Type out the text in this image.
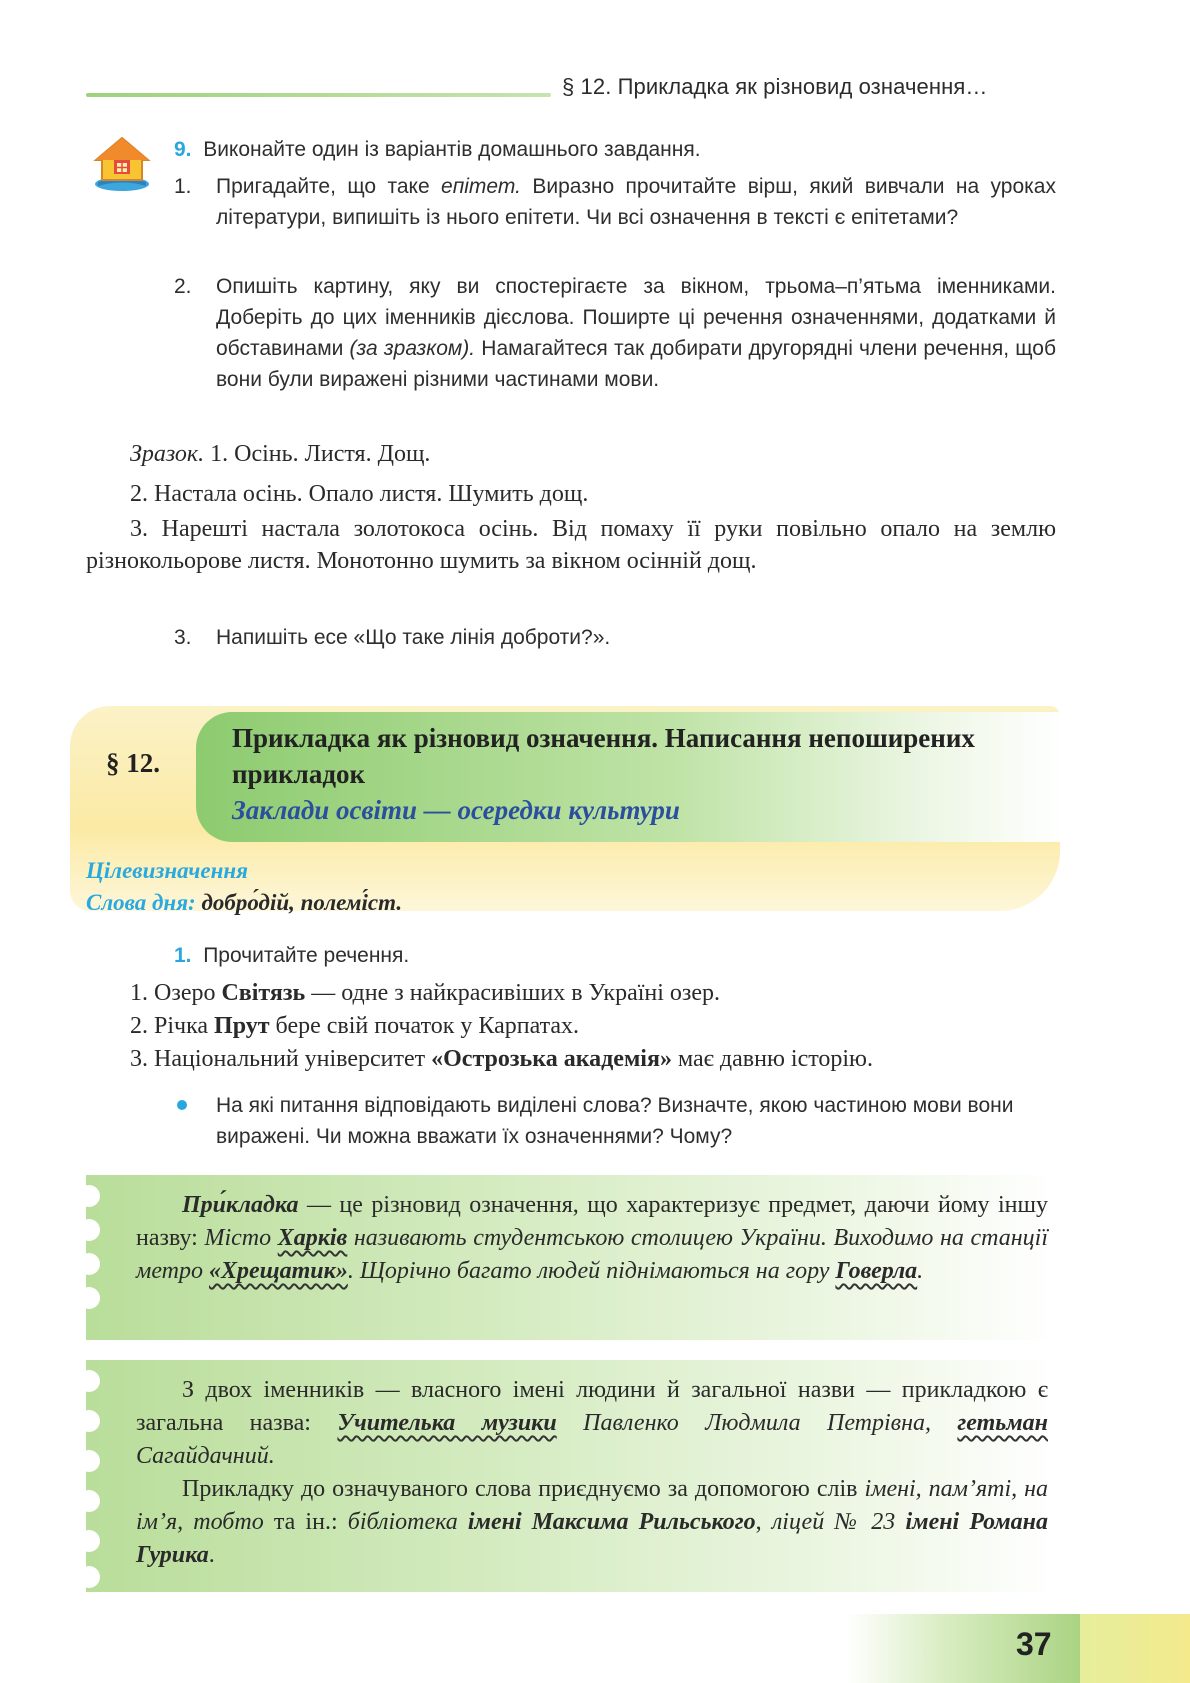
§ 12. Прикладка як різновид означення…
9. Виконайте один із варіантів домашнього завдання.
1. Пригадайте, що таке епітет. Виразно прочитайте вірш, який вивчали на уроках літератури, випишіть із нього епітети. Чи всі означення в тексті є епітетами?
2. Опишіть картину, яку ви спостерігаєте за вікном, трьома–п’ятьма іменниками. Доберіть до цих іменників дієслова. Поширте ці речення означеннями, додатками й обставинами (за зразком). Намагайтеся так добирати другорядні члени речення, щоб вони були виражені різними частинами мови.
Зразок. 1. Осінь. Листя. Дощ.
2. Настала осінь. Опало листя. Шумить дощ.
3. Нарешті настала золотокоса осінь. Від помаху її руки повільно опало на землю різнокольорове листя. Монотонно шумить за вікном осінній дощ.
3. Напишіть есе «Що таке лінія доброти?».
§ 12.
Прикладка як різновид означення. Написання непоширених прикладок
Заклади освіти — осередки культури
Цілевизначення
Слова дня: добро́дій, полемі́ст.
1. Прочитайте речення.
1. Озеро Світязь — одне з найкрасивіших в Україні озер.
2. Річка Прут бере свій початок у Карпатах.
3. Національний університет «Острозька академія» має давню історію.
На які питання відповідають виділені слова? Визначте, якою частиною мови вони виражені. Чи можна вважати їх означеннями? Чому?
При́кладка — це різновид означення, що характеризує предмет, даючи йому іншу назву: Місто Харків називають студентською столицею України. Виходимо на станції метро «Хрещатик». Щорічно багато людей піднімаються на гору Говерла.
З двох іменників — власного імені людини й загальної назви — прикладкою є загальна назва: Учителька музики Павленко Людмила Петрівна, гетьман Сагайдачний.
Прикладку до означуваного слова приєднуємо за допомогою слів імені, пам’яті, на ім’я, тобто та ін.: бібліотека імені Максима Рильського, ліцей № 23 імені Романа Гурика.
37
